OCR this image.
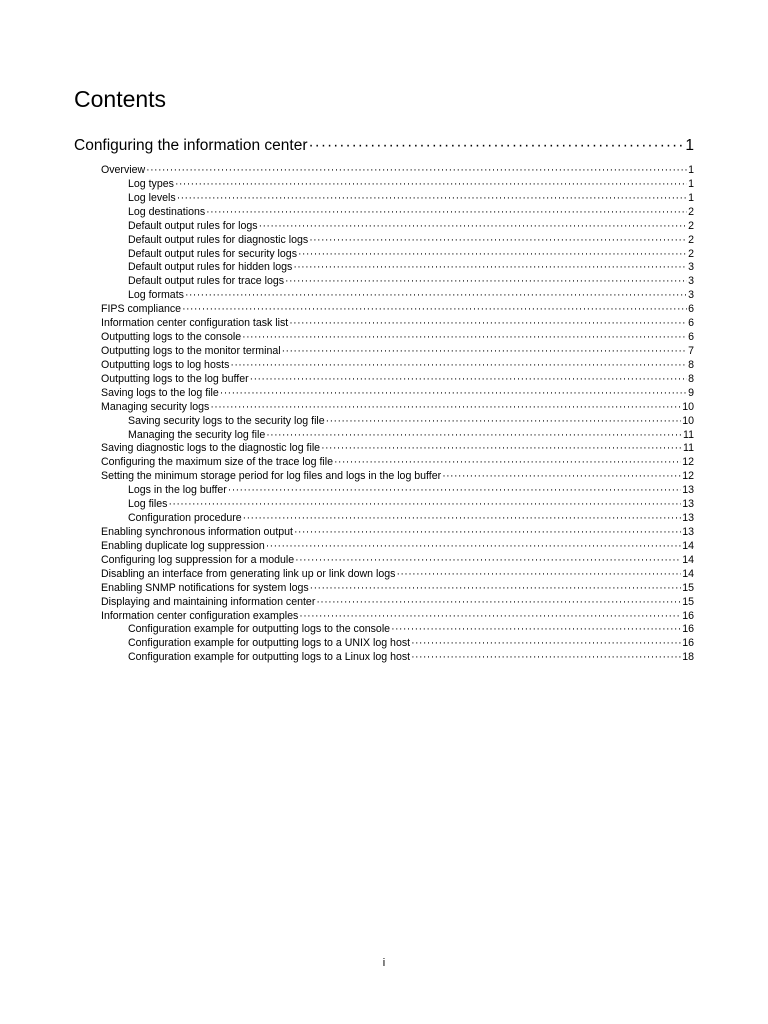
Contents
Configuring the information center ·····	1
Overview ·····	1
Log types ·····	1
Log levels ·····	1
Log destinations ·····	2
Default output rules for logs ·····	2
Default output rules for diagnostic logs ·····	2
Default output rules for security logs ·····	2
Default output rules for hidden logs ·····	3
Default output rules for trace logs ·····	3
Log formats ·····	3
FIPS compliance ·····	6
Information center configuration task list ·····	6
Outputting logs to the console ·····	6
Outputting logs to the monitor terminal ·····	7
Outputting logs to log hosts ·····	8
Outputting logs to the log buffer ·····	8
Saving logs to the log file ·····	9
Managing security logs ·····	10
Saving security logs to the security log file ·····	10
Managing the security log file ·····	11
Saving diagnostic logs to the diagnostic log file ·····	11
Configuring the maximum size of the trace log file ·····	12
Setting the minimum storage period for log files and logs in the log buffer ·····	12
Logs in the log buffer ·····	13
Log files ·····	13
Configuration procedure ·····	13
Enabling synchronous information output ·····	13
Enabling duplicate log suppression ·····	14
Configuring log suppression for a module ·····	14
Disabling an interface from generating link up or link down logs ·····	14
Enabling SNMP notifications for system logs ·····	15
Displaying and maintaining information center ·····	15
Information center configuration examples ·····	16
Configuration example for outputting logs to the console ·····	16
Configuration example for outputting logs to a UNIX log host ·····	16
Configuration example for outputting logs to a Linux log host ·····	18
i
